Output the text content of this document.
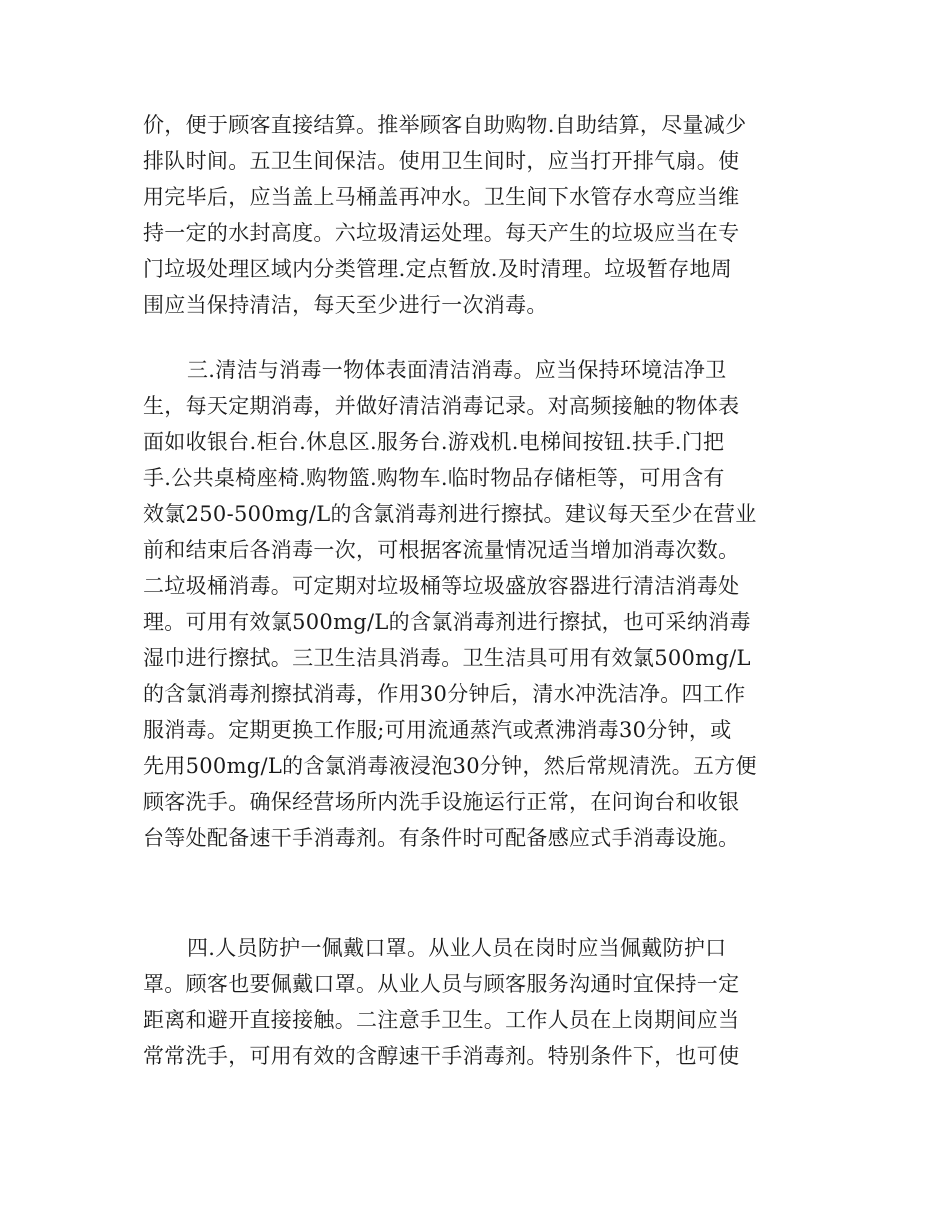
价，便于顾客直接结算。推举顾客自助购物.自助结算，尽量减少
排队时间。五卫生间保洁。使用卫生间时，应当打开排气扇。使
用完毕后，应当盖上马桶盖再冲水。卫生间下水管存水弯应当维
持一定的水封高度。六垃圾清运处理。每天产生的垃圾应当在专
门垃圾处理区域内分类管理.定点暂放.及时清理。垃圾暂存地周
围应当保持清洁，每天至少进行一次消毒。
三.清洁与消毒一物体表面清洁消毒。应当保持环境洁净卫
生，每天定期消毒，并做好清洁消毒记录。对高频接触的物体表
面如收银台.柜台.休息区.服务台.游戏机.电梯间按钮.扶手.门把
手.公共桌椅座椅.购物篮.购物车.临时物品存储柜等，可用含有
效氯250-500mg/L的含氯消毒剂进行擦拭。建议每天至少在营业
前和结束后各消毒一次，可根据客流量情况适当增加消毒次数。
二垃圾桶消毒。可定期对垃圾桶等垃圾盛放容器进行清洁消毒处
理。可用有效氯500mg/L的含氯消毒剂进行擦拭，也可采纳消毒
湿巾进行擦拭。三卫生洁具消毒。卫生洁具可用有效氯500mg/L
的含氯消毒剂擦拭消毒，作用30分钟后，清水冲洗洁净。四工作
服消毒。定期更换工作服;可用流通蒸汽或煮沸消毒30分钟，或
先用500mg/L的含氯消毒液浸泡30分钟，然后常规清洗。五方便
顾客洗手。确保经营场所内洗手设施运行正常，在问询台和收银
台等处配备速干手消毒剂。有条件时可配备感应式手消毒设施。
四.人员防护一佩戴口罩。从业人员在岗时应当佩戴防护口
罩。顾客也要佩戴口罩。从业人员与顾客服务沟通时宜保持一定
距离和避开直接接触。二注意手卫生。工作人员在上岗期间应当
常常洗手，可用有效的含醇速干手消毒剂。特别条件下，也可使
